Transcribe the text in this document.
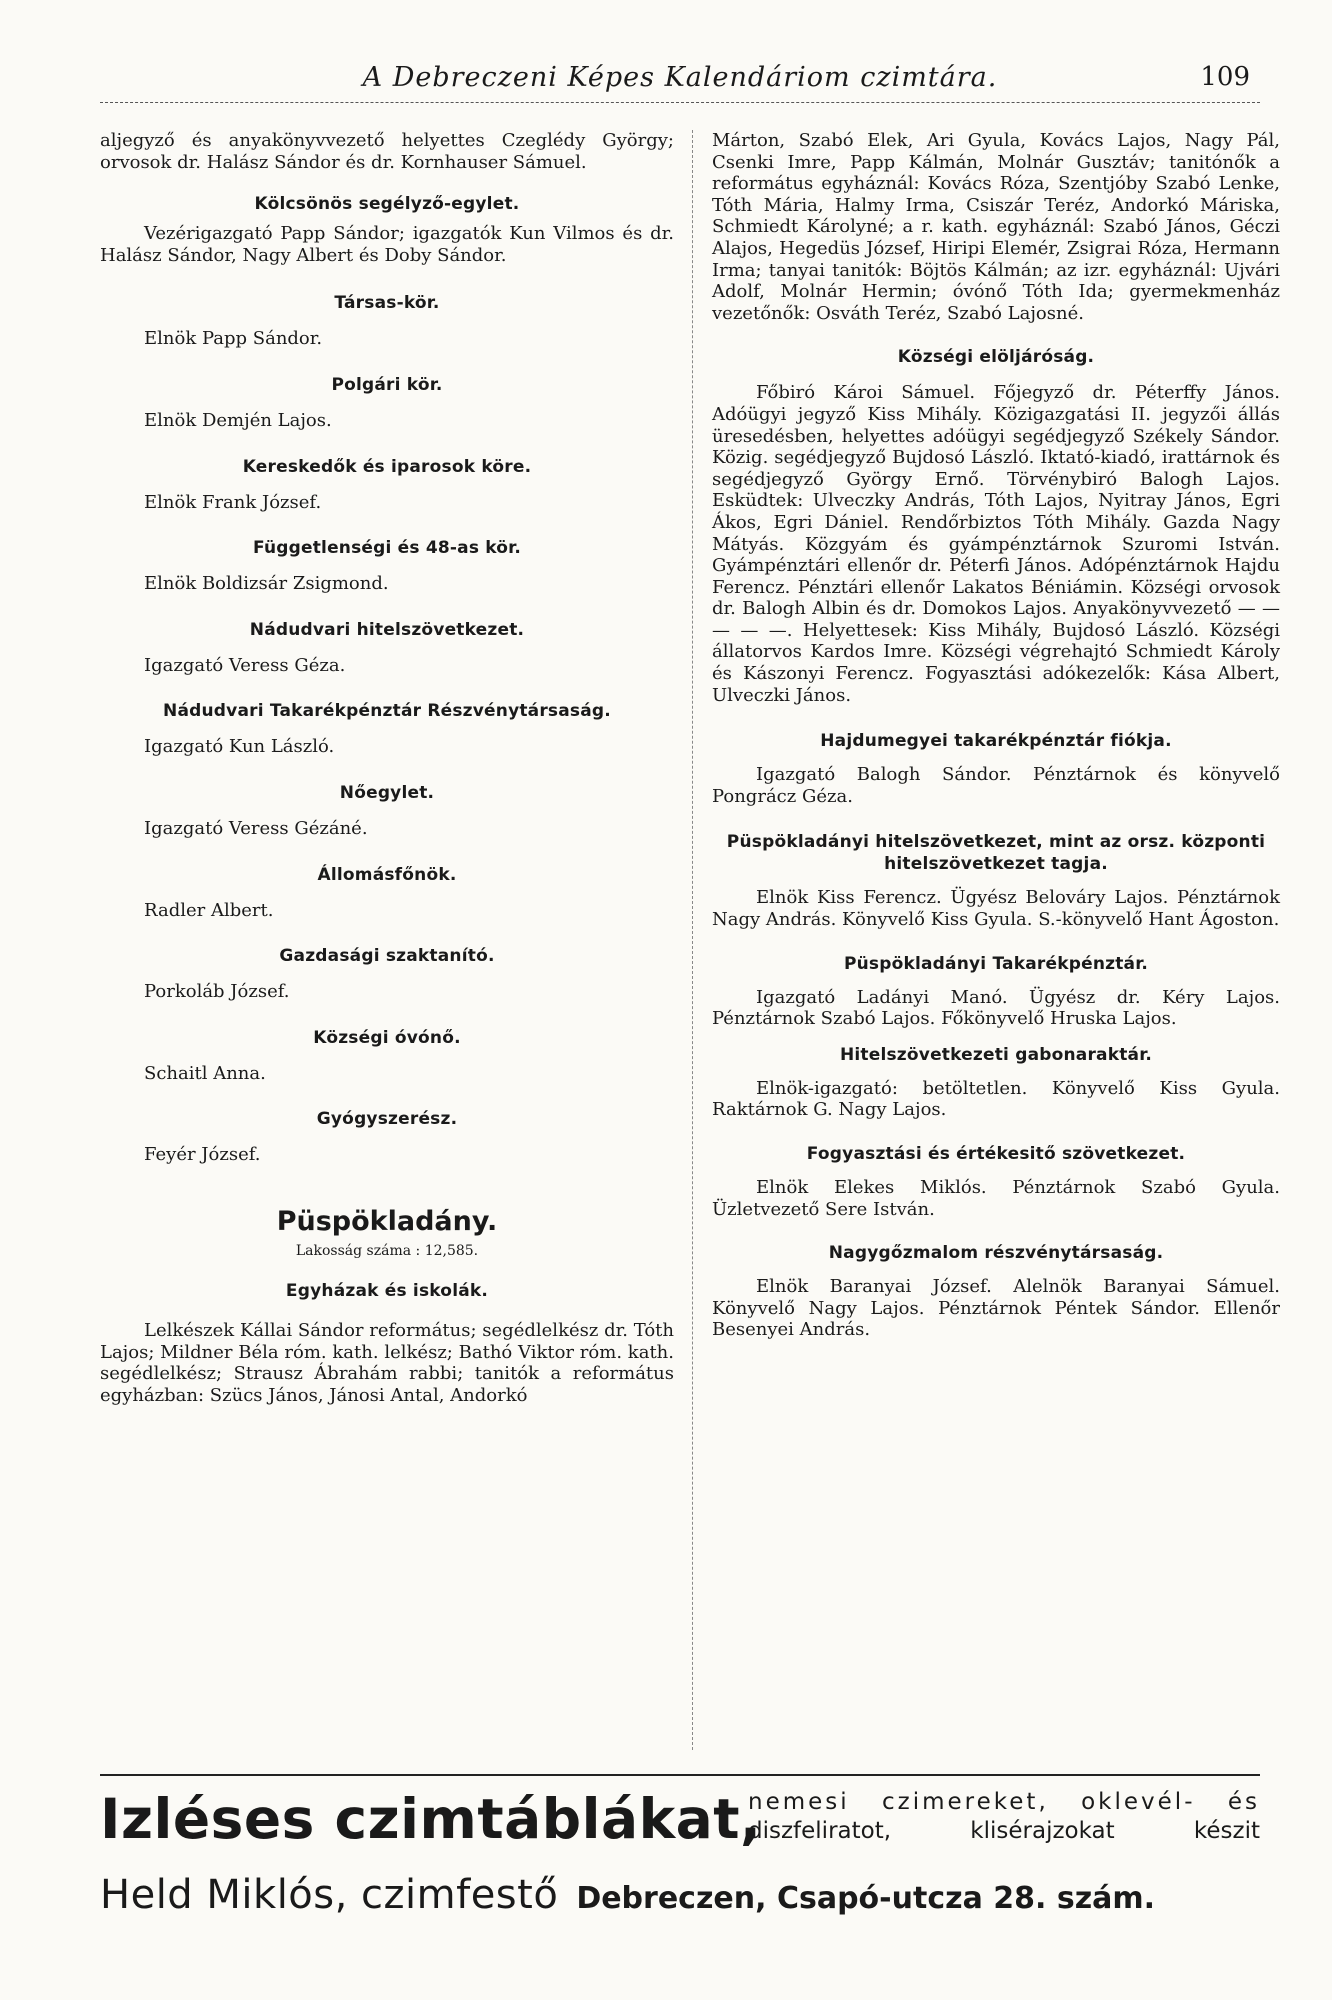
A Debreczeni Képes Kalendáriom czimtára.	109

aljegyző és anyakönyvvezető helyettes Czeglédy György; orvosok dr. Halász Sándor és dr. Kornhauser Sámuel.

Kölcsönös segélyző-egylet.

Vezérigazgató Papp Sándor; igazgatók Kun Vilmos és dr. Halász Sándor, Nagy Albert és Doby Sándor.

Társas-kör.

Elnök Papp Sándor.

Polgári kör.

Elnök Demjén Lajos.

Kereskedők és iparosok köre.

Elnök Frank József.

Függetlenségi és 48-as kör.

Elnök Boldizsár Zsigmond.

Nádudvari hitelszövetkezet.

Igazgató Veress Géza.

Nádudvari Takarékpénztár Részvénytársaság.

Igazgató Kun László.

Nőegylet.

Igazgató Veress Gézáné.

Állomásfőnök.

Radler Albert.

Gazdasági szaktanító.

Porkoláb József.

Községi óvónő.

Schaitl Anna.

Gyógyszerész.

Feyér József.

Püspökladány.
Lakosság száma : 12,585.
Egyházak és iskolák.

Lelkészek Kállai Sándor református; segédlelkész dr. Tóth Lajos; Mildner Béla róm. kath. lelkész; Bathó Viktor róm. kath. segédlelkész; Strausz Ábrahám rabbi; tanitók a református egyházban: Szücs János, Jánosi Antal, Andorkó

Márton, Szabó Elek, Ari Gyula, Kovács Lajos, Nagy Pál, Csenki Imre, Papp Kálmán, Molnár Gusztáv; tanitónők a református egyháznál: Kovács Róza, Szentjóby Szabó Lenke, Tóth Mária, Halmy Irma, Csiszár Teréz, Andorkó Máriska, Schmiedt Károlyné; a r. kath. egyháznál: Szabó János, Géczi Alajos, Hegedüs József, Hiripi Elemér, Zsigrai Róza, Hermann Irma; tanyai tanitók: Böjtös Kálmán; az izr. egyháznál: Ujvári Adolf, Molnár Hermin; óvónő Tóth Ida; gyermekmenház vezetőnők: Osváth Teréz, Szabó Lajosné.

Községi elöljáróság.

Főbiró Károi Sámuel. Főjegyző dr. Péterffy János. Adóügyi jegyző Kiss Mihály. Közigazgatási II. jegyzői állás üresedésben, helyettes adóügyi segédjegyző Székely Sándor. Közig. segédjegyző Bujdosó László. Iktató-kiadó, irattárnok és segédjegyző György Ernő. Törvénybiró Balogh Lajos. Esküdtek: Ulveczky András, Tóth Lajos, Nyitray János, Egri Ákos, Egri Dániel. Rendőrbiztos Tóth Mihály. Gazda Nagy Mátyás. Közgyám és gyámpénztárnok Szuromi István. Gyámpénztári ellenőr dr. Péterfi János. Adópénztárnok Hajdu Ferencz. Pénztári ellenőr Lakatos Béniámin. Községi orvosok dr. Balogh Albin és dr. Domokos Lajos. Anyakönyvvezető — — — — —. Helyettesek: Kiss Mihály, Bujdosó László. Községi állatorvos Kardos Imre. Községi végrehajtó Schmiedt Károly és Kászonyi Ferencz. Fogyasztási adókezelők: Kása Albert, Ulveczki János.

Hajdumegyei takarékpénztár fiókja.

Igazgató Balogh Sándor. Pénztárnok és könyvelő Pongrácz Géza.

Püspökladányi hitelszövetkezet, mint az orsz. központi hitelszövetkezet tagja.

Elnök Kiss Ferencz. Ügyész Belováry Lajos. Pénztárnok Nagy András. Könyvelő Kiss Gyula. S.-könyvelő Hant Ágoston.

Püspökladányi Takarékpénztár.

Igazgató Ladányi Manó. Ügyész dr. Kéry Lajos. Pénztárnok Szabó Lajos. Főkönyvelő Hruska Lajos.

Hitelszövetkezeti gabonaraktár.

Elnök-igazgató: betöltetlen. Könyvelő Kiss Gyula. Raktárnok G. Nagy Lajos.

Fogyasztási és értékesitő szövetkezet.

Elnök Elekes Miklós. Pénztárnok Szabó Gyula. Üzletvezető Sere István.

Nagygőzmalom részvénytársaság.

Elnök Baranyai József. Alelnök Baranyai Sámuel. Könyvelő Nagy Lajos. Pénztárnok Péntek Sándor. Ellenőr Besenyei András.

Izléses czimtáblákat,
nemesi czimereket, oklevél- és
diszfeliratot, klisérajzokat készit
Held Miklós, czimfestő Debreczen, Csapó-utcza 28. szám.
